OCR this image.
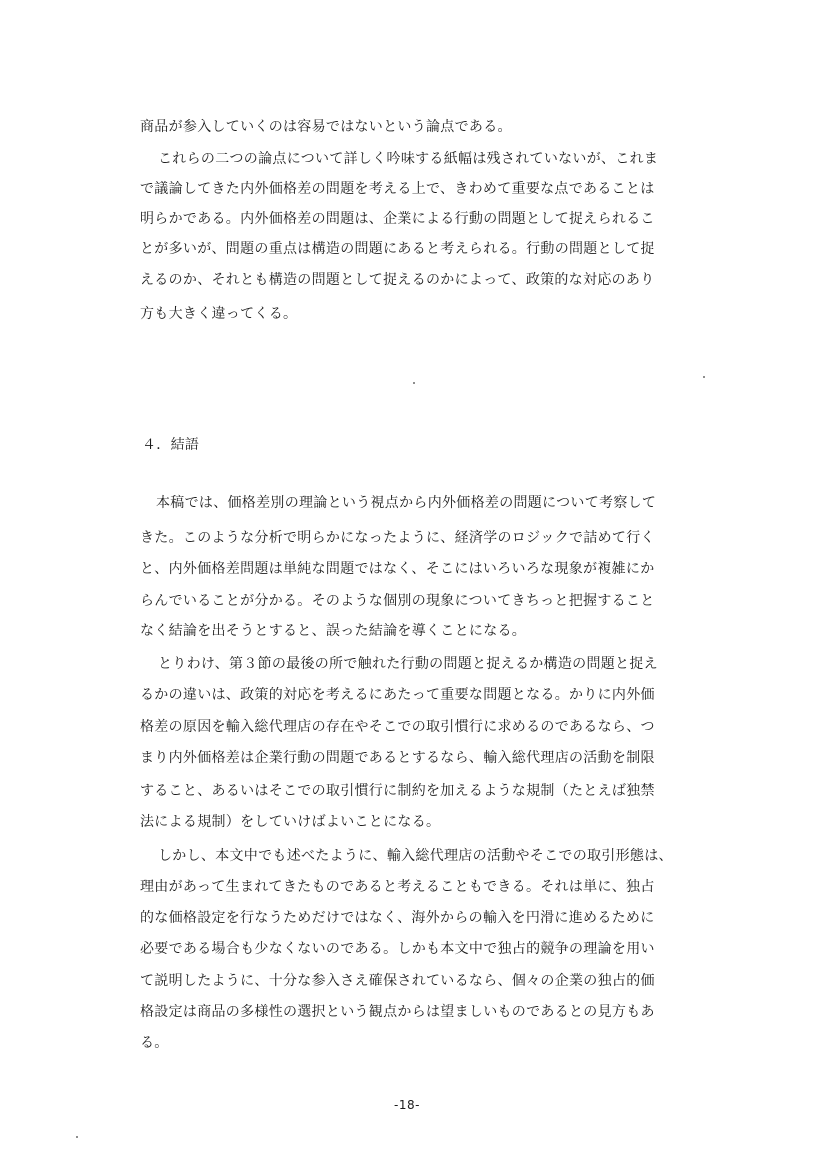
商品が参入していくのは容易ではないという論点である。
これらの二つの論点について詳しく吟味する紙幅は残されていないが、これま
で議論してきた内外価格差の問題を考える上で、きわめて重要な点であることは
明らかである。内外価格差の問題は、企業による行動の問題として捉えられるこ
とが多いが、問題の重点は構造の問題にあると考えられる。行動の問題として捉
えるのか、それとも構造の問題として捉えるのかによって、政策的な対応のあり
方も大きく違ってくる。
４．結語
本稿では、価格差別の理論という視点から内外価格差の問題について考察して
きた。このような分析で明らかになったように、経済学のロジックで詰めて行く
と、内外価格差問題は単純な問題ではなく、そこにはいろいろな現象が複雑にか
らんでいることが分かる。そのような個別の現象についてきちっと把握すること
なく結論を出そうとすると、誤った結論を導くことになる。
とりわけ、第３節の最後の所で触れた行動の問題と捉えるか構造の問題と捉え
るかの違いは、政策的対応を考えるにあたって重要な問題となる。かりに内外価
格差の原因を輸入総代理店の存在やそこでの取引慣行に求めるのであるなら、つ
まり内外価格差は企業行動の問題であるとするなら、輸入総代理店の活動を制限
すること、あるいはそこでの取引慣行に制約を加えるような規制（たとえば独禁
法による規制）をしていけばよいことになる。
しかし、本文中でも述べたように、輸入総代理店の活動やそこでの取引形態は、
理由があって生まれてきたものであると考えることもできる。それは単に、独占
的な価格設定を行なうためだけではなく、海外からの輸入を円滑に進めるために
必要である場合も少なくないのである。しかも本文中で独占的競争の理論を用い
て説明したように、十分な参入さえ確保されているなら、個々の企業の独占的価
格設定は商品の多様性の選択という観点からは望ましいものであるとの見方もあ
る。
-18-
